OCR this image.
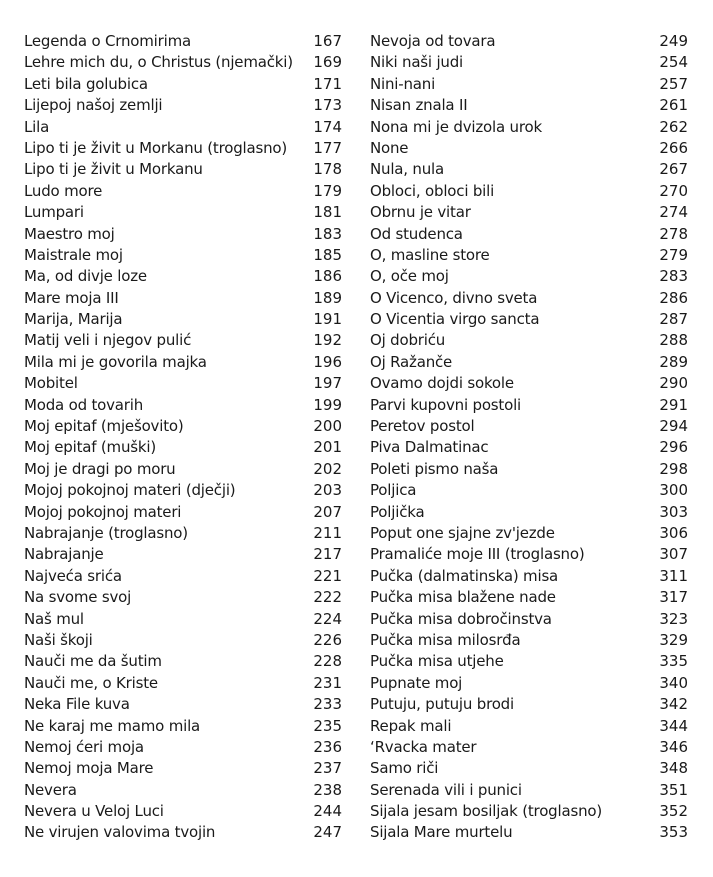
Legenda o Crnomirima	167
Lehre mich du, o Christus (njemački) 169
Leti bila golubica	171
Lijepoj našoj zemlji	173
Lila	174
Lipo ti je živit u Morkanu (troglasno) 177
Lipo ti je živit u Morkanu	178
Ludo more	179
Lumpari	181
Maestro moj	183
Maistrale moj	185
Ma, od divje loze	186
Mare moja III	189
Marija, Marija	191
Matij veli i njegov pulić	192
Mila mi je govorila majka	196
Mobitel	197
Moda od tovarih	199
Moj epitaf (mješovito)	200
Moj epitaf (muški)	201
Moj je dragi po moru	202
Mojoj pokojnoj materi (dječji)	203
Mojoj pokojnoj materi	207
Nabrajanje (troglasno)	211
Nabrajanje	217
Najveća srića	221
Na svome svoj	222
Naš mul	224
Naši škoji	226
Nauči me da šutim	228
Nauči me, o Kriste	231
Neka File kuva	233
Ne karaj me mamo mila	235
Nemoj ćeri moja	236
Nemoj moja Mare	237
Nevera	238
Nevera u Veloj Luci	244
Ne virujen valovima tvojin	247
Nevoja od tovara	249
Niki naši judi	254
Nini-nani	257
Nisan znala II	261
Nona mi je dvizola urok	262
None	266
Nula, nula	267
Obloci, obloci bili	270
Obrnu je vitar	274
Od studenca	278
O, masline store	279
O, oče moj	283
O Vicenco, divno sveta	286
O Vicentia virgo sancta	287
Oj dobriću	288
Oj Ražanče	289
Ovamo dojdi sokole	290
Parvi kupovni postoli	291
Peretov postol	294
Piva Dalmatinac	296
Poleti pismo naša	298
Poljica	300
Poljička	303
Poput one sjajne zv'jezde	306
Pramaliće moje III (troglasno)	307
Pučka (dalmatinska) misa	311
Pučka misa blažene nade	317
Pučka misa dobročinstva	323
Pučka misa milosrđa	329
Pučka misa utjehe	335
Pupnate moj	340
Putuju, putuju brodi	342
Repak mali	344
‘Rvacka mater	346
Samo riči	348
Serenada vili i punici	351
Sijala jesam bosiljak (troglasno)	352
Sijala Mare murtelu	353
